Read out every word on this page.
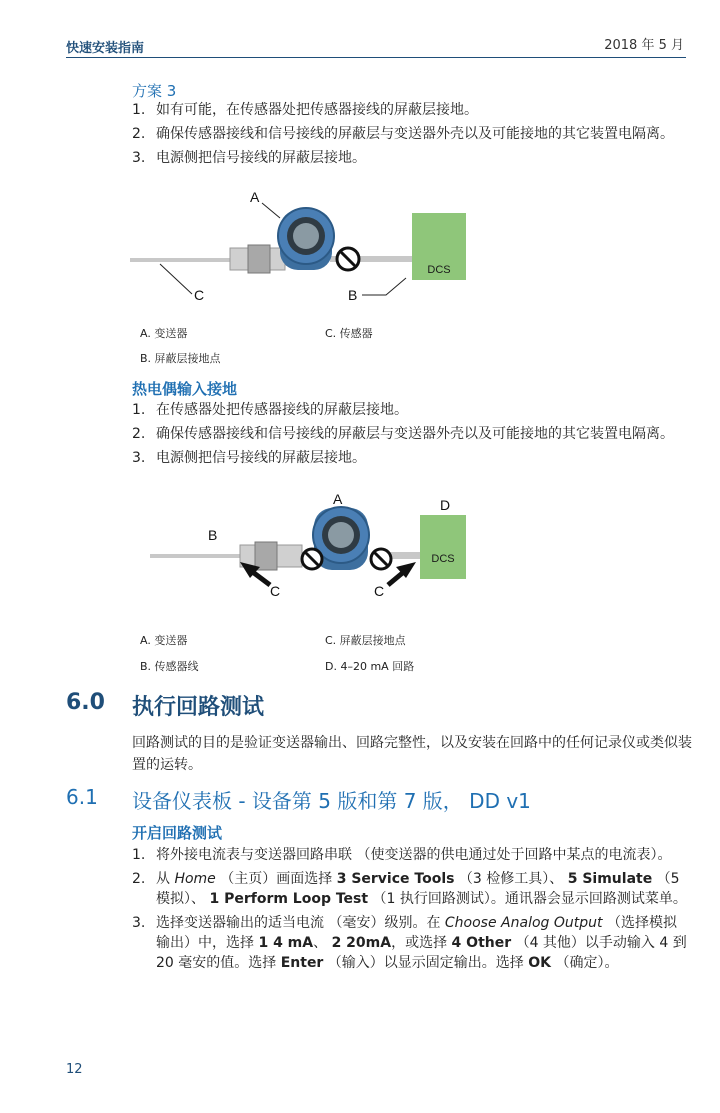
快速安装指南	2018 年 5 月
方案 3
1. 如有可能，在传感器处把传感器接线的屏蔽层接地。
2. 确保传感器接线和信号接线的屏蔽层与变送器外壳以及可能接地的其它装置电隔离。
3. 电源侧把信号接线的屏蔽层接地。
DCS
A
C	B
A. 变送器	C. 传感器
B. 屏蔽层接地点
热电偶输入接地
1. 在传感器处把传感器接线的屏蔽层接地。
2. 确保传感器接线和信号接线的屏蔽层与变送器外壳以及可能接地的其它装置电隔离。
3. 电源侧把信号接线的屏蔽层接地。
DCS
A	D
B
C	C
A. 变送器	C. 屏蔽层接地点
B. 传感器线	D. 4–20 mA 回路
6.0 执行回路测试
回路测试的目的是验证变送器输出、回路完整性，以及安装在回路中的任何记录仪或类似装置的运转。
6.1 设备仪表板 - 设备第 5 版和第 7 版， DD v1
开启回路测试
1. 将外接电流表与变送器回路串联 （使变送器的供电通过处于回路中某点的电流表）。
2. 从 Home （主页）画面选择 3 Service Tools （3 检修工具）、 5 Simulate （5 模拟）、 1 Perform Loop Test （1 执行回路测试）。通讯器会显示回路测试菜单。
3. 选择变送器输出的适当电流 （毫安）级别。在 Choose Analog Output （选择模拟输出）中，选择 1 4 mA、 2 20mA，或选择 4 Other （4 其他）以手动输入 4 到 20 毫安的值。选择 Enter （输入）以显示固定输出。选择 OK （确定）。
12
